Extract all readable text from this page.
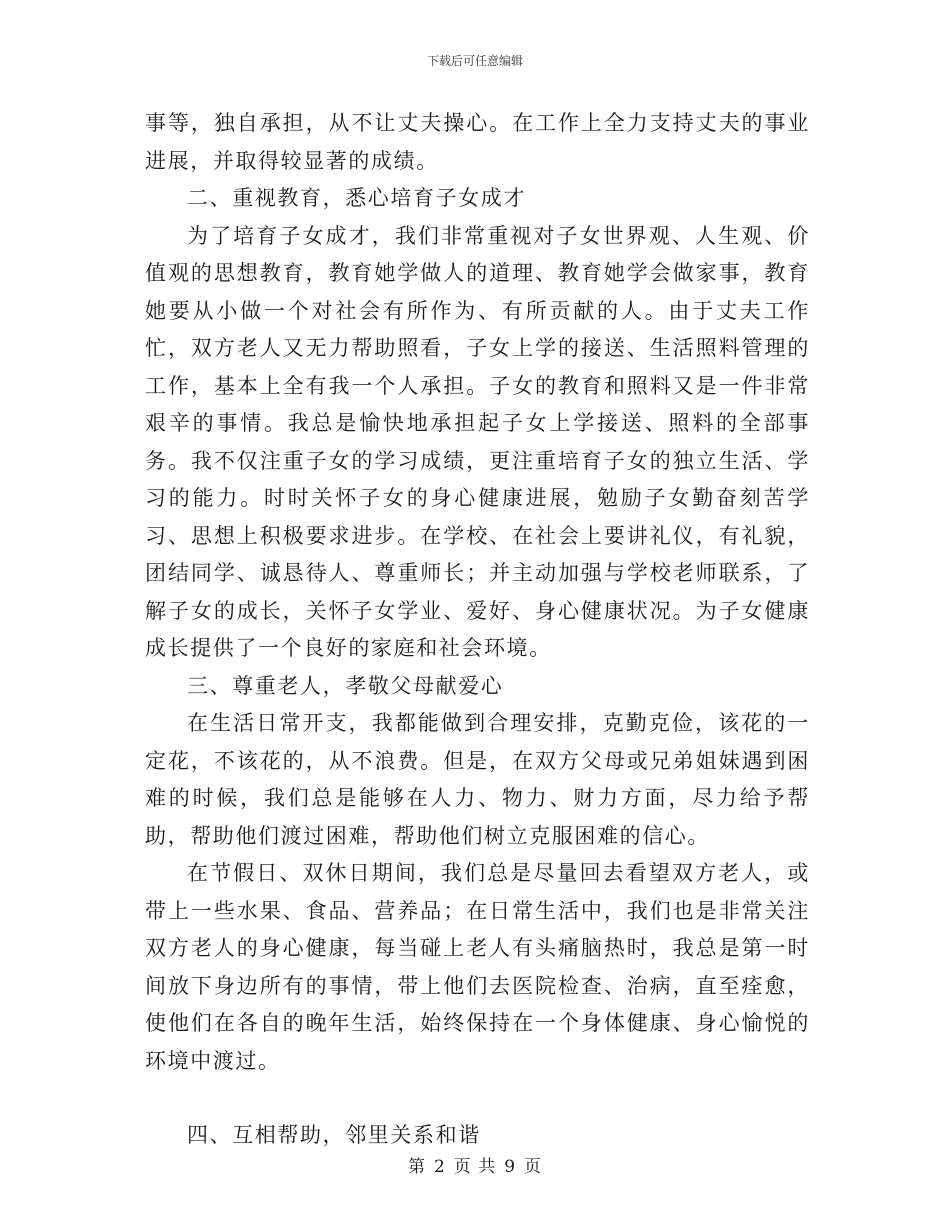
下载后可任意编辑

事等，独自承担，从不让丈夫操心。在工作上全力支持丈夫的事业进展，并取得较显著的成绩。

二、重视教育，悉心培育子女成才

为了培育子女成才，我们非常重视对子女世界观、人生观、价值观的思想教育，教育她学做人的道理、教育她学会做家事，教育她要从小做一个对社会有所作为、有所贡献的人。由于丈夫工作忙，双方老人又无力帮助照看，子女上学的接送、生活照料管理的工作，基本上全有我一个人承担。子女的教育和照料又是一件非常艰辛的事情。我总是愉快地承担起子女上学接送、照料的全部事务。我不仅注重子女的学习成绩，更注重培育子女的独立生活、学习的能力。时时关怀子女的身心健康进展，勉励子女勤奋刻苦学习、思想上积极要求进步。在学校、在社会上要讲礼仪，有礼貌，团结同学、诚恳待人、尊重师长；并主动加强与学校老师联系，了解子女的成长，关怀子女学业、爱好、身心健康状况。为子女健康成长提供了一个良好的家庭和社会环境。

三、尊重老人，孝敬父母献爱心

在生活日常开支，我都能做到合理安排，克勤克俭，该花的一定花，不该花的，从不浪费。但是，在双方父母或兄弟姐妹遇到困难的时候，我们总是能够在人力、物力、财力方面，尽力给予帮助，帮助他们渡过困难，帮助他们树立克服困难的信心。

在节假日、双休日期间，我们总是尽量回去看望双方老人，或带上一些水果、食品、营养品；在日常生活中，我们也是非常关注双方老人的身心健康，每当碰上老人有头痛脑热时，我总是第一时间放下身边所有的事情，带上他们去医院检查、治病，直至痊愈，使他们在各自的晚年生活，始终保持在一个身体健康、身心愉悦的环境中渡过。

四、互相帮助，邻里关系和谐

第 2 页 共 9 页
